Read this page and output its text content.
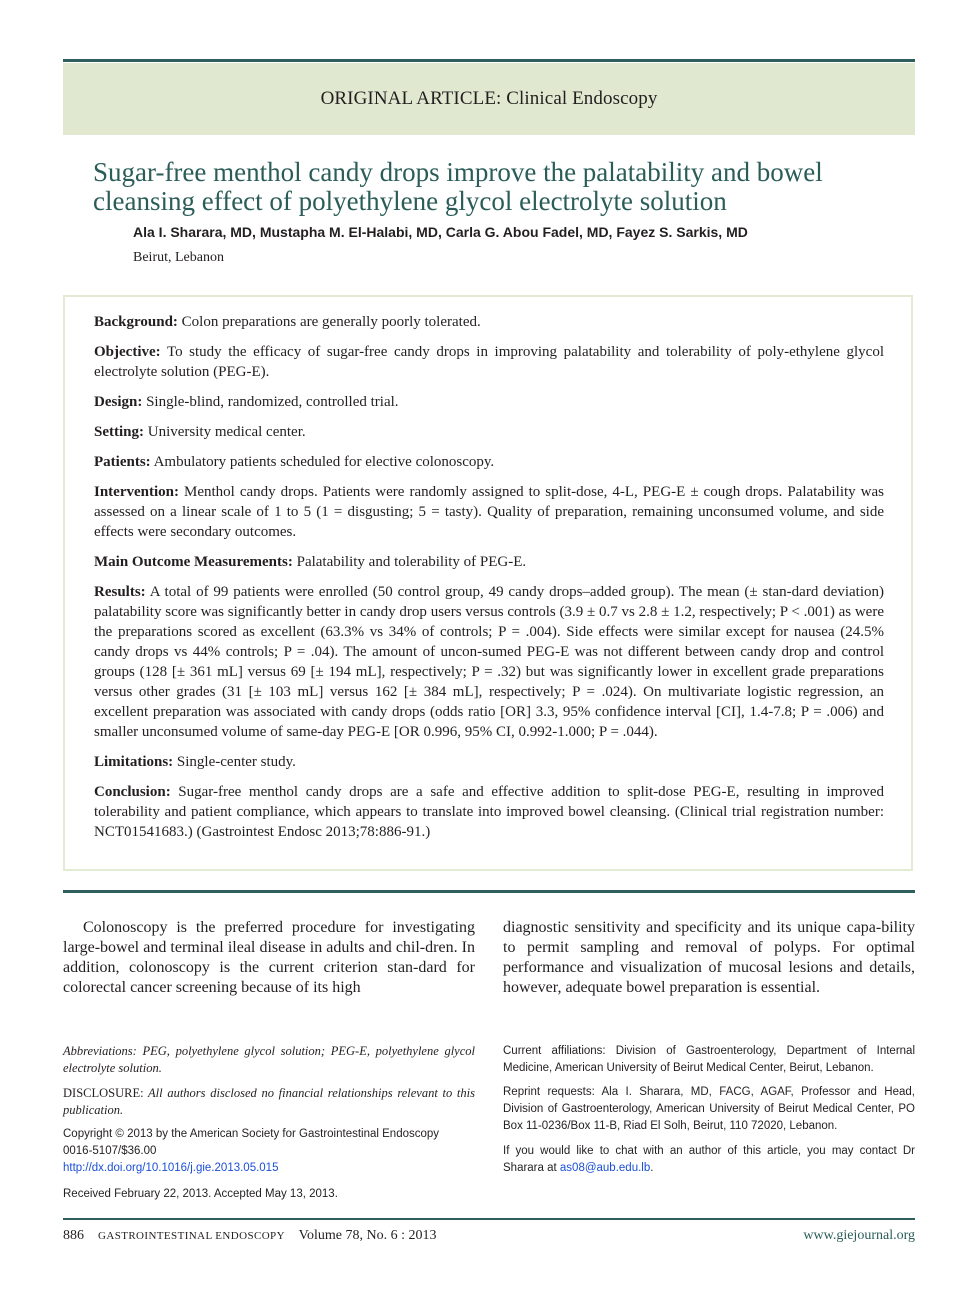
ORIGINAL ARTICLE: Clinical Endoscopy
Sugar-free menthol candy drops improve the palatability and bowel cleansing effect of polyethylene glycol electrolyte solution

Ala I. Sharara, MD, Mustapha M. El-Halabi, MD, Carla G. Abou Fadel, MD, Fayez S. Sarkis, MD

Beirut, Lebanon

Background: Colon preparations are generally poorly tolerated.

Objective: To study the efficacy of sugar-free candy drops in improving palatability and tolerability of poly-ethylene glycol electrolyte solution (PEG-E).

Design: Single-blind, randomized, controlled trial.

Setting: University medical center.

Patients: Ambulatory patients scheduled for elective colonoscopy.

Intervention: Menthol candy drops. Patients were randomly assigned to split-dose, 4-L, PEG-E ± cough drops. Palatability was assessed on a linear scale of 1 to 5 (1 = disgusting; 5 = tasty). Quality of preparation, remaining unconsumed volume, and side effects were secondary outcomes.

Main Outcome Measurements: Palatability and tolerability of PEG-E.

Results: A total of 99 patients were enrolled (50 control group, 49 candy drops–added group). The mean (± stan-dard deviation) palatability score was significantly better in candy drop users versus controls (3.9 ± 0.7 vs 2.8 ± 1.2, respectively; P < .001) as were the preparations scored as excellent (63.3% vs 34% of controls; P = .004). Side effects were similar except for nausea (24.5% candy drops vs 44% controls; P = .04). The amount of uncon-sumed PEG-E was not different between candy drop and control groups (128 [± 361 mL] versus 69 [± 194 mL], respectively; P = .32) but was significantly lower in excellent grade preparations versus other grades (31 [± 103 mL] versus 162 [± 384 mL], respectively; P = .024). On multivariate logistic regression, an excellent preparation was associated with candy drops (odds ratio [OR] 3.3, 95% confidence interval [CI], 1.4-7.8; P = .006) and smaller unconsumed volume of same-day PEG-E [OR 0.996, 95% CI, 0.992-1.000; P = .044).

Limitations: Single-center study.

Conclusion: Sugar-free menthol candy drops are a safe and effective addition to split-dose PEG-E, resulting in improved tolerability and patient compliance, which appears to translate into improved bowel cleansing. (Clinical trial registration number: NCT01541683.) (Gastrointest Endosc 2013;78:886-91.)

Colonoscopy is the preferred procedure for investigating large-bowel and terminal ileal disease in adults and chil-dren. In addition, colonoscopy is the current criterion stan-dard for colorectal cancer screening because of its high

diagnostic sensitivity and specificity and its unique capa-bility to permit sampling and removal of polyps. For optimal performance and visualization of mucosal lesions and details, however, adequate bowel preparation is essential.

Abbreviations: PEG, polyethylene glycol solution; PEG-E, polyethylene glycol electrolyte solution.

DISCLOSURE: All authors disclosed no financial relationships relevant to this publication.

Copyright © 2013 by the American Society for Gastrointestinal Endoscopy
0016-5107/$36.00
http://dx.doi.org/10.1016/j.gie.2013.05.015

Received February 22, 2013. Accepted May 13, 2013.

Current affiliations: Division of Gastroenterology, Department of Internal Medicine, American University of Beirut Medical Center, Beirut, Lebanon.

Reprint requests: Ala I. Sharara, MD, FACG, AGAF, Professor and Head, Division of Gastroenterology, American University of Beirut Medical Center, PO Box 11-0236/Box 11-B, Riad El Solh, Beirut, 110 72020, Lebanon.

If you would like to chat with an author of this article, you may contact Dr Sharara at as08@aub.edu.lb.

886 GASTROINTESTINAL ENDOSCOPY Volume 78, No. 6 : 2013	www.giejournal.org
